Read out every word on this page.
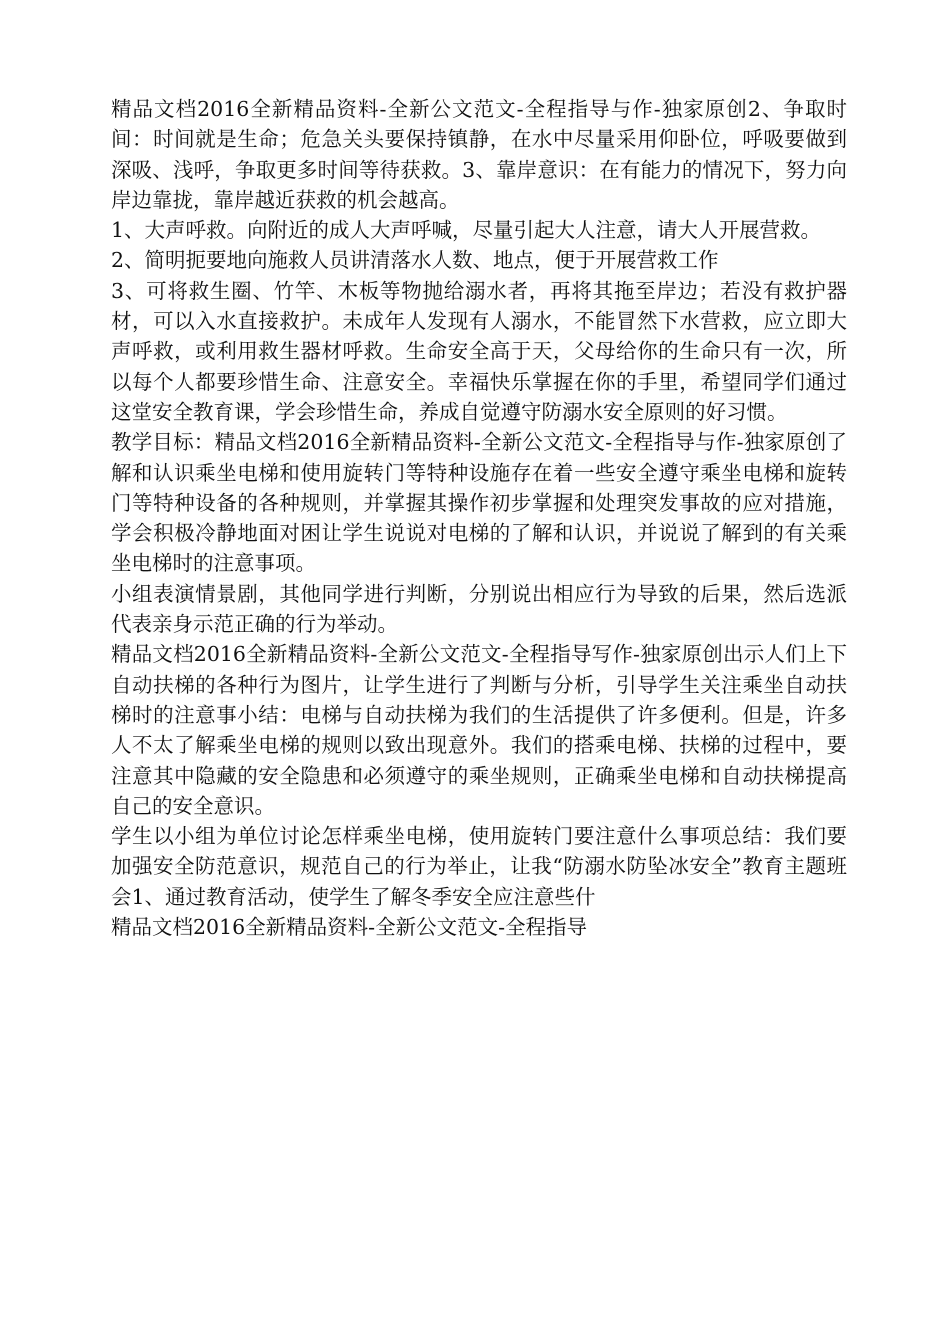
精品文档2016全新精品资料-全新公文范文-全程指导与作-独家原创2、争取时间：时间就是生命；危急关头要保持镇静，在水中尽量采用仰卧位，呼吸要做到深吸、浅呼，争取更多时间等待获救。3、靠岸意识：在有能力的情况下，努力向岸边靠拢，靠岸越近获救的机会越高。

1、大声呼救。向附近的成人大声呼喊，尽量引起大人注意，请大人开展营救。

2、简明扼要地向施救人员讲清落水人数、地点，便于开展营救工作

3、可将救生圈、竹竿、木板等物抛给溺水者，再将其拖至岸边；若没有救护器材，可以入水直接救护。未成年人发现有人溺水，不能冒然下水营救，应立即大声呼救，或利用救生器材呼救。生命安全高于天，父母给你的生命只有一次，所以每个人都要珍惜生命、注意安全。幸福快乐掌握在你的手里，希望同学们通过这堂安全教育课，学会珍惜生命，养成自觉遵守防溺水安全原则的好习惯。

教学目标：精品文档2016全新精品资料-全新公文范文-全程指导与作-独家原创了解和认识乘坐电梯和使用旋转门等特种设施存在着一些安全遵守乘坐电梯和旋转门等特种设备的各种规则，并掌握其操作初步掌握和处理突发事故的应对措施，学会积极冷静地面对困让学生说说对电梯的了解和认识，并说说了解到的有关乘坐电梯时的注意事项。

小组表演情景剧，其他同学进行判断，分别说出相应行为导致的后果，然后选派代表亲身示范正确的行为举动。

精品文档2016全新精品资料-全新公文范文-全程指导写作-独家原创出示人们上下自动扶梯的各种行为图片，让学生进行了判断与分析，引导学生关注乘坐自动扶梯时的注意事小结：电梯与自动扶梯为我们的生活提供了许多便利。但是，许多人不太了解乘坐电梯的规则以致出现意外。我们的搭乘电梯、扶梯的过程中，要注意其中隐藏的安全隐患和必须遵守的乘坐规则，正确乘坐电梯和自动扶梯提高自己的安全意识。

学生以小组为单位讨论怎样乘坐电梯，使用旋转门要注意什么事项总结：我们要加强安全防范意识，规范自己的行为举止，让我“防溺水防坠冰安全”教育主题班会1、通过教育活动，使学生了解冬季安全应注意些什

精品文档2016全新精品资料-全新公文范文-全程指导
